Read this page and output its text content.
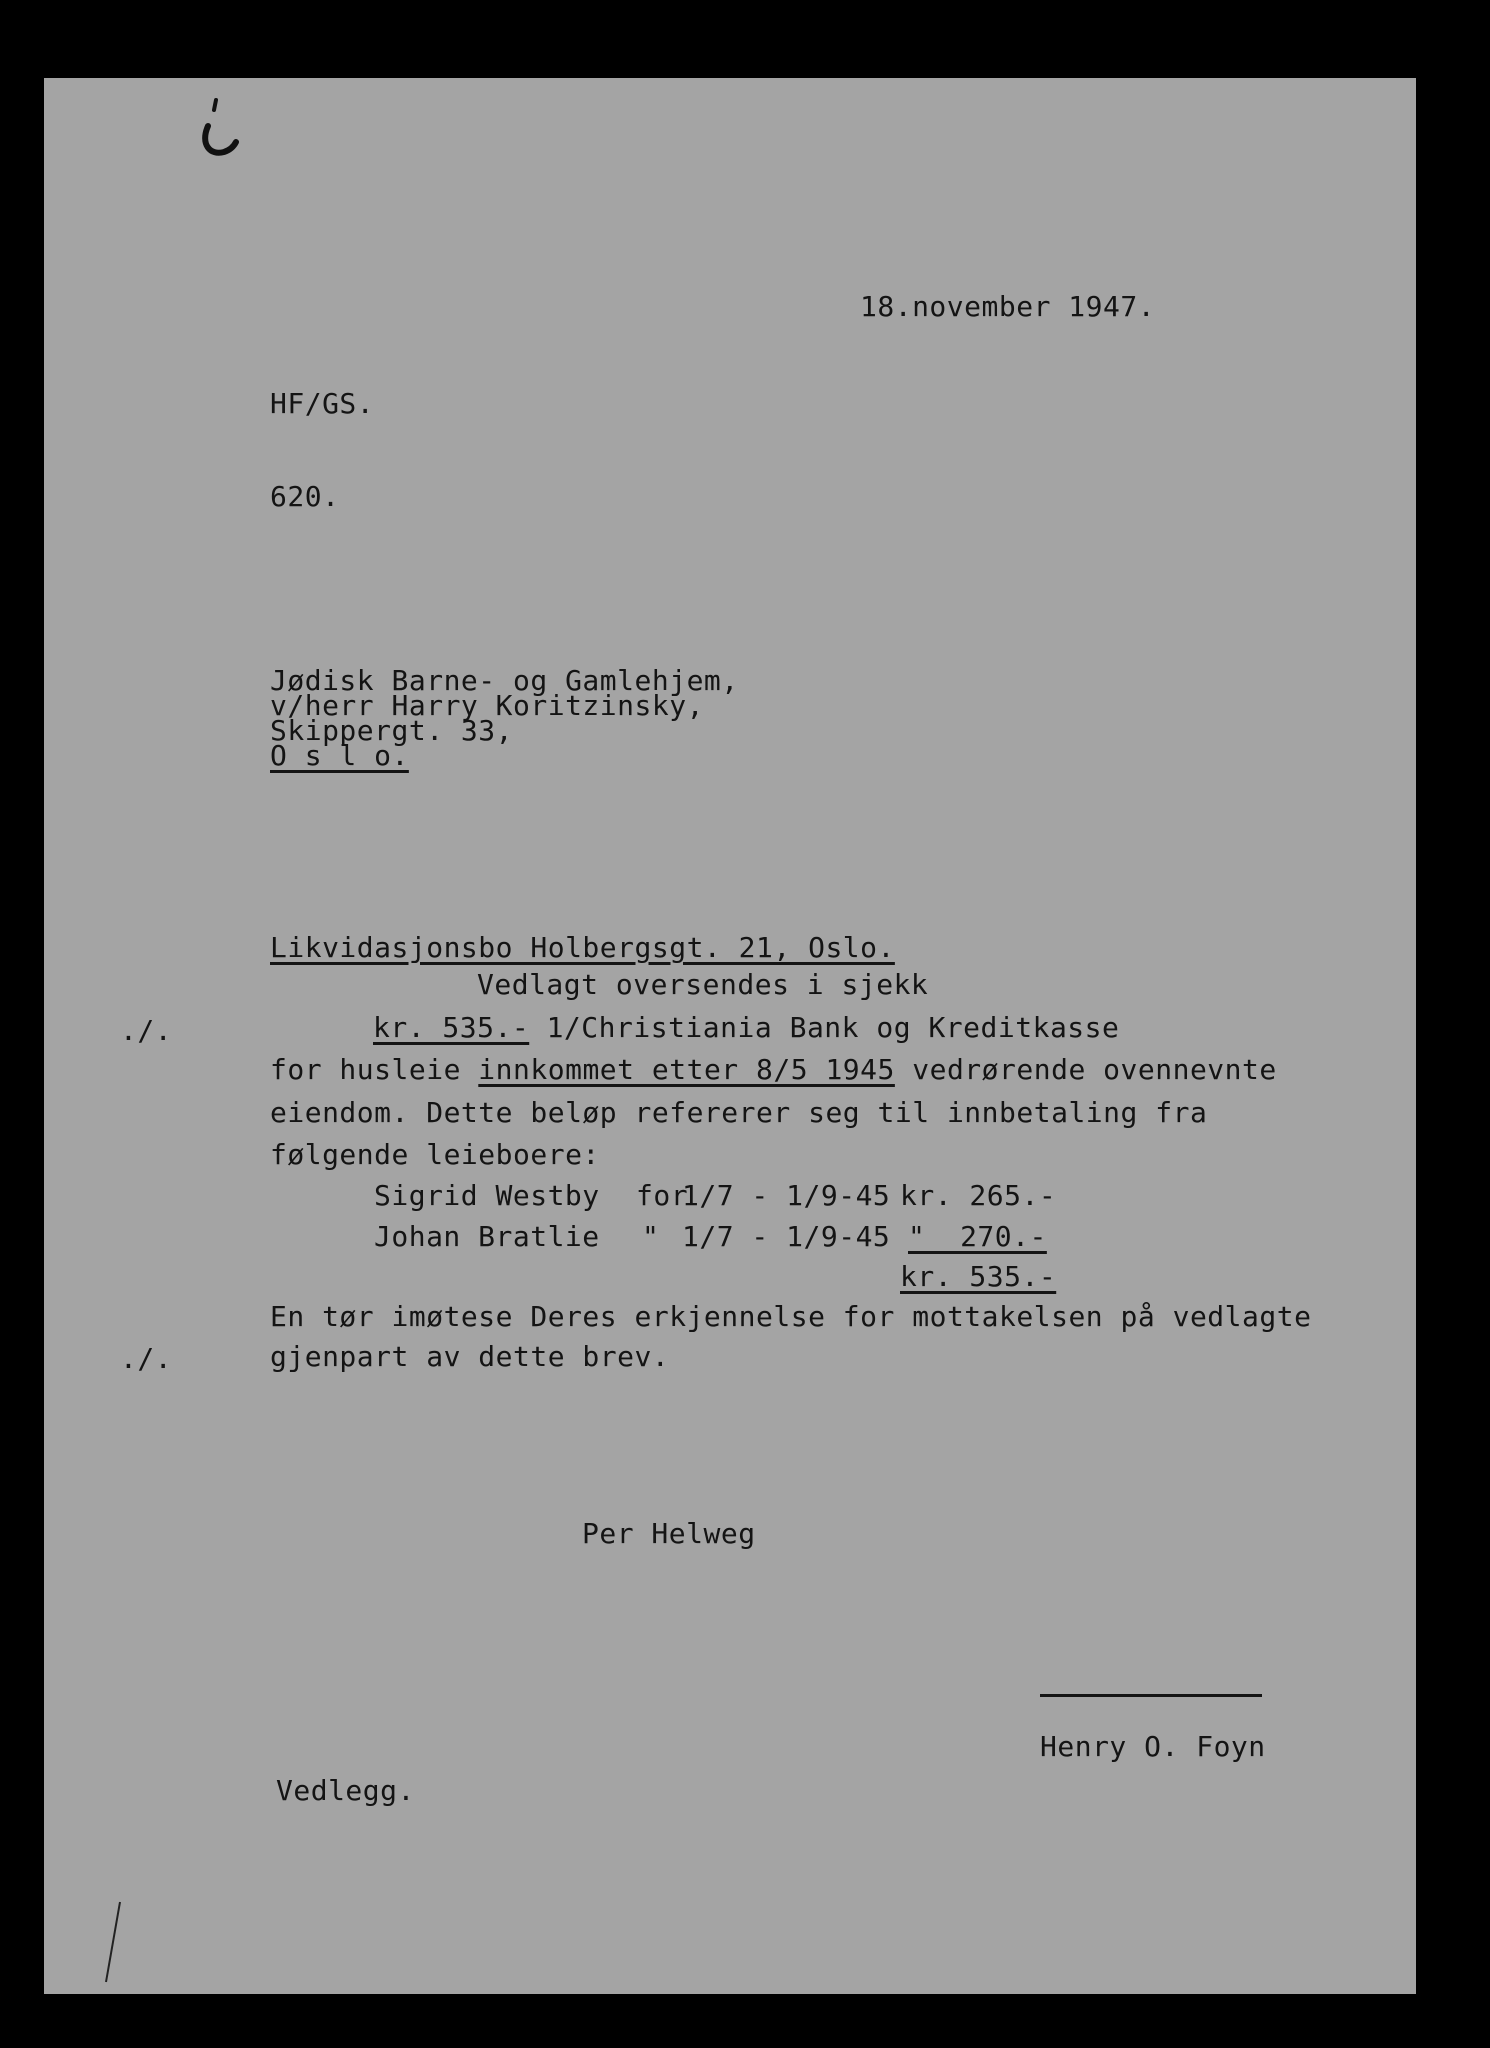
18.november 1947.
HF/GS.
620.
Jødisk Barne- og Gamlehjem,
v/herr Harry Koritzinsky,
Skippergt. 33,
O s l o.
Likvidasjonsbo Holbergsgt. 21, Oslo.
Vedlagt oversendes i sjekk
./.	kr. 535.- 1/Christiania Bank og Kreditkasse
for husleie innkommet etter 8/5 1945 vedrørende ovennevnte
eiendom. Dette beløp refererer seg til innbetaling fra
følgende leieboere:
Sigrid Westby for
1/7 - 1/9-45 kr. 265.-
Johan Bratlie " 1/7 - 1/9-45 "  270.-
kr. 535.-
En tør imøtese Deres erkjennelse for mottakelsen på vedlagte
./.	gjenpart av dette brev.
Per Helweg
Henry O. Foyn
Vedlegg.
